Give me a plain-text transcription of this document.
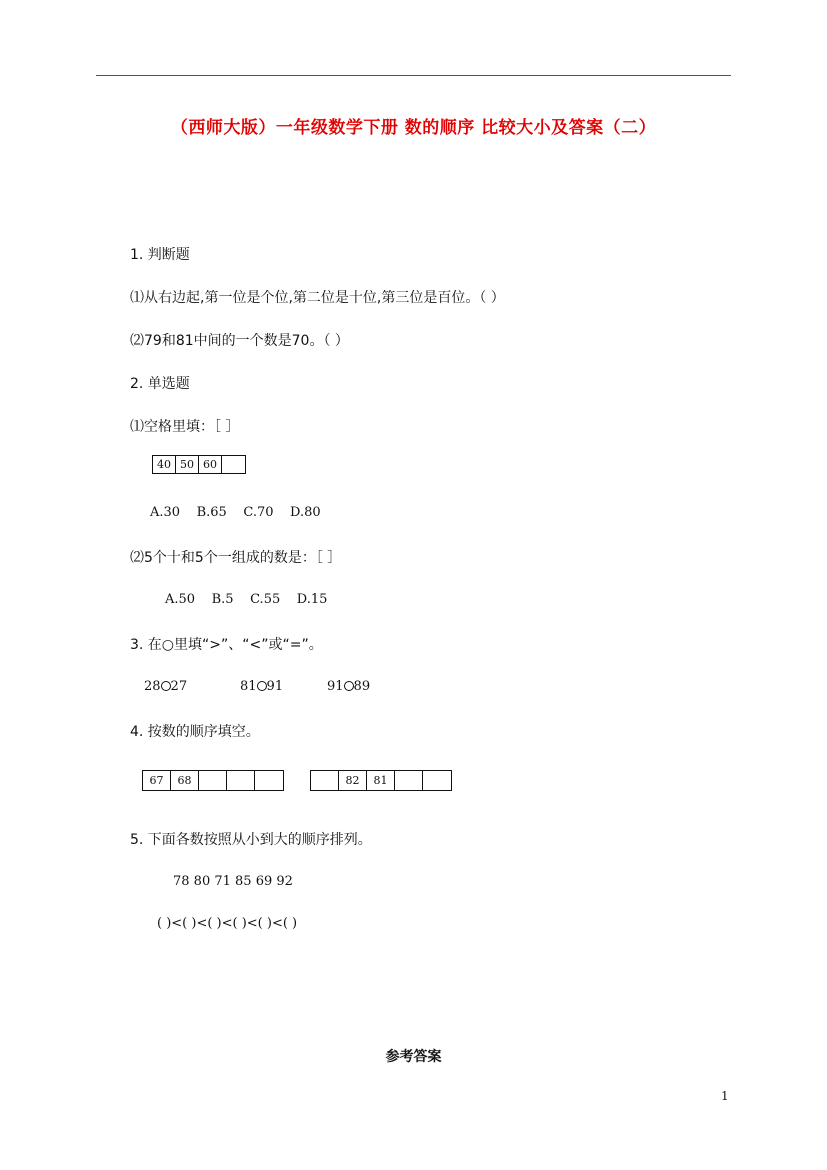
（西师大版）一年级数学下册 数的顺序 比较大小及答案（二）
1. 判断题
⑴从右边起,第一位是个位,第二位是十位,第三位是百位。（ ）
⑵79和81中间的一个数是70。（ ）
2. 单选题
⑴空格里填：［ ］
40 50 60
A.30    B.65    C.70    D.80
⑵5个十和5个一组成的数是：［ ］
A.50    B.5    C.55    D.15
3. 在○里填“>”、“<”或“=”。
28 27	81 91	91 89
4. 按数的顺序填空。
67	68	82	81
5. 下面各数按照从小到大的顺序排列。
78 80 71 85 69 92
( )<( )<( )<( )<( )<( )
参考答案
1
